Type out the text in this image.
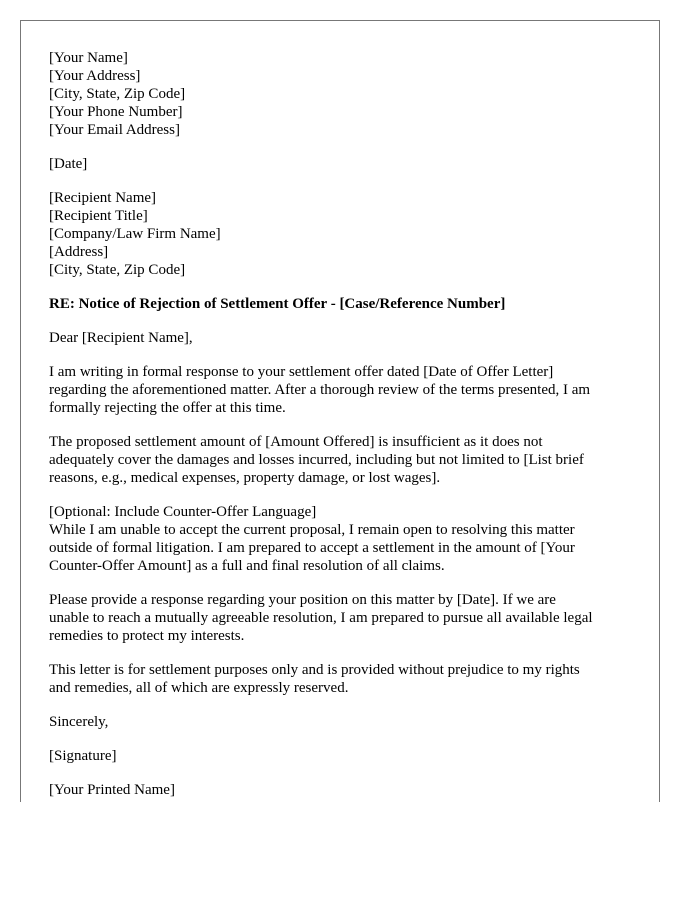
[Your Name]
[Your Address]
[City, State, Zip Code]
[Your Phone Number]
[Your Email Address]
[Date]
[Recipient Name]
[Recipient Title]
[Company/Law Firm Name]
[Address]
[City, State, Zip Code]
RE: Notice of Rejection of Settlement Offer - [Case/Reference Number]
Dear [Recipient Name],
I am writing in formal response to your settlement offer dated [Date of Offer Letter]
regarding the aforementioned matter. After a thorough review of the terms presented, I am
formally rejecting the offer at this time.
The proposed settlement amount of [Amount Offered] is insufficient as it does not
adequately cover the damages and losses incurred, including but not limited to [List brief
reasons, e.g., medical expenses, property damage, or lost wages].
[Optional: Include Counter-Offer Language]
While I am unable to accept the current proposal, I remain open to resolving this matter
outside of formal litigation. I am prepared to accept a settlement in the amount of [Your
Counter-Offer Amount] as a full and final resolution of all claims.
Please provide a response regarding your position on this matter by [Date]. If we are
unable to reach a mutually agreeable resolution, I am prepared to pursue all available legal
remedies to protect my interests.
This letter is for settlement purposes only and is provided without prejudice to my rights
and remedies, all of which are expressly reserved.
Sincerely,
[Signature]
[Your Printed Name]
